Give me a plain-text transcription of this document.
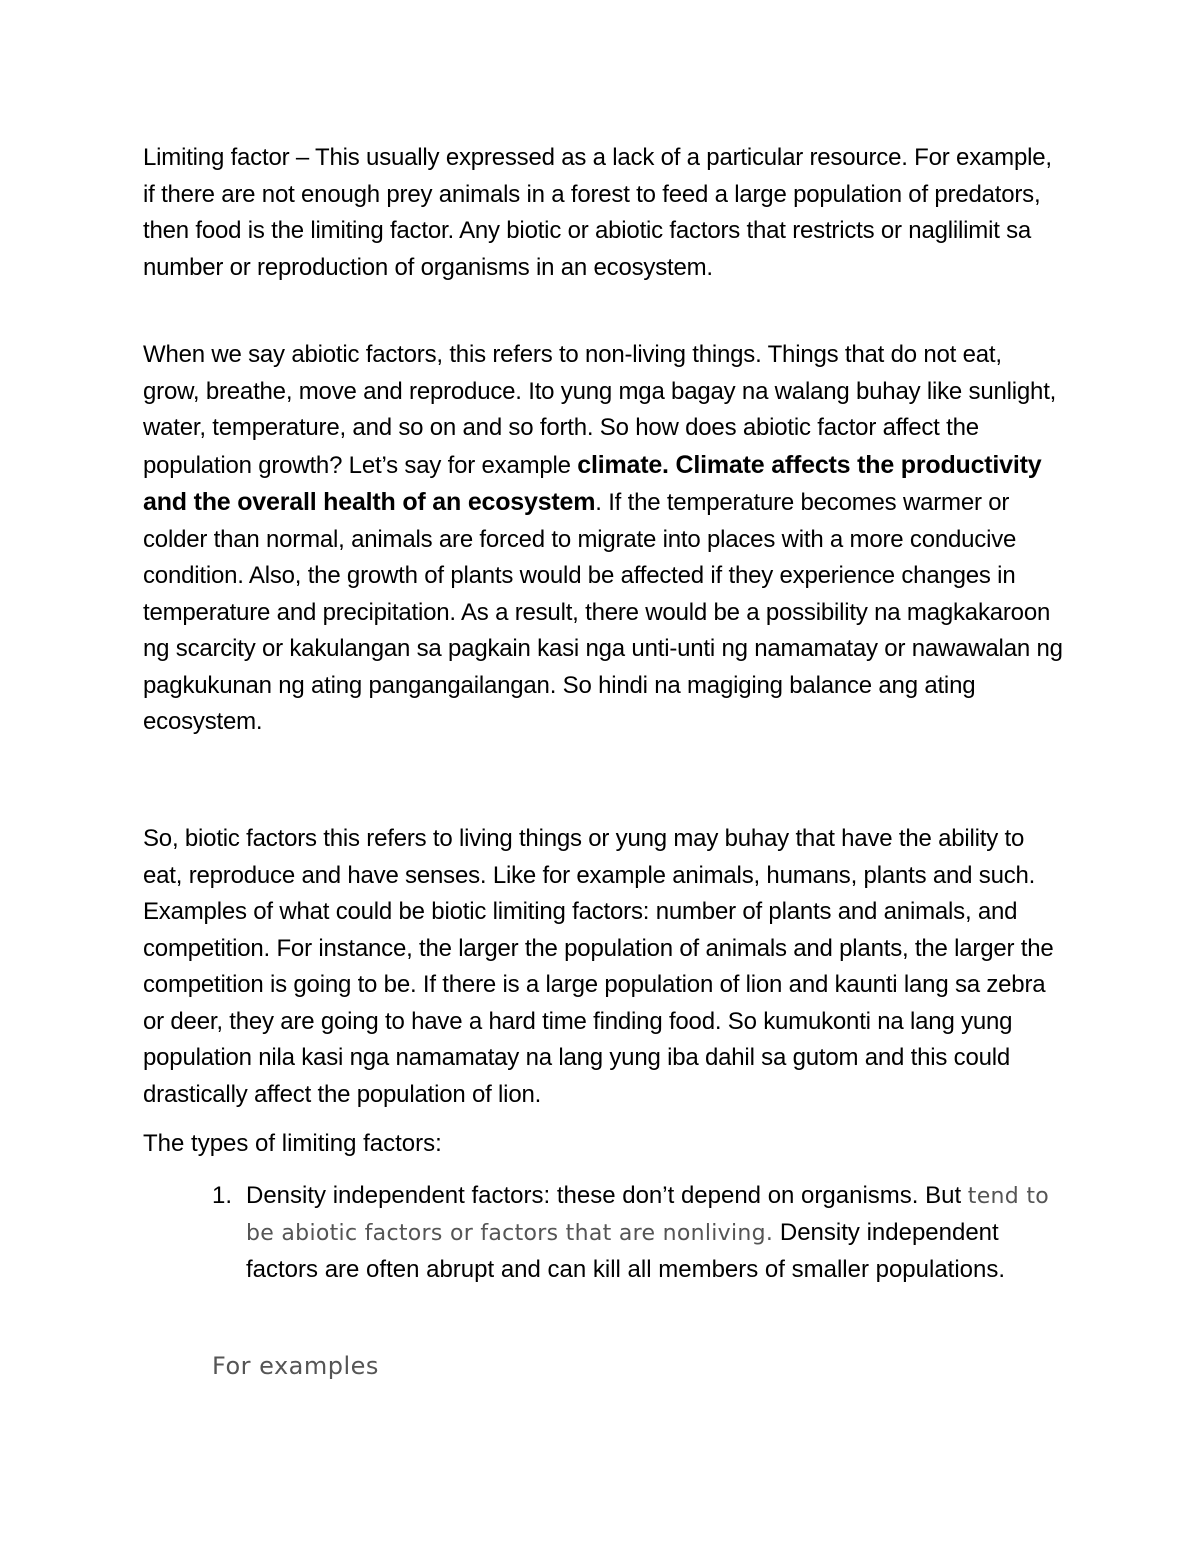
Limiting factor – This usually expressed as a lack of a particular resource. For example, if there are not enough prey animals in a forest to feed a large population of predators, then food is the limiting factor. Any biotic or abiotic factors that restricts or naglilimit sa number or reproduction of organisms in an ecosystem.

When we say abiotic factors, this refers to non-living things. Things that do not eat, grow, breathe, move and reproduce. Ito yung mga bagay na walang buhay like sunlight, water, temperature, and so on and so forth. So how does abiotic factor affect the population growth? Let’s say for example climate. Climate affects the productivity and the overall health of an ecosystem. If the temperature becomes warmer or colder than normal, animals are forced to migrate into places with a more conducive condition. Also, the growth of plants would be affected if they experience changes in temperature and precipitation. As a result, there would be a possibility na magkakaroon ng scarcity or kakulangan sa pagkain kasi nga unti-unti ng namamatay or nawawalan ng pagkukunan ng ating pangangailangan. So hindi na magiging balance ang ating ecosystem.

So, biotic factors this refers to living things or yung may buhay that have the ability to eat, reproduce and have senses. Like for example animals, humans, plants and such. Examples of what could be biotic limiting factors: number of plants and animals, and competition. For instance, the larger the population of animals and plants, the larger the competition is going to be. If there is a large population of lion and kaunti lang sa zebra or deer, they are going to have a hard time finding food. So kumukonti na lang yung population nila kasi nga namamatay na lang yung iba dahil sa gutom and this could drastically affect the population of lion.

The types of limiting factors:

1. Density independent factors: these don’t depend on organisms. But tend to be abiotic factors or factors that are nonliving. Density independent factors are often abrupt and can kill all members of smaller populations.

For examples
